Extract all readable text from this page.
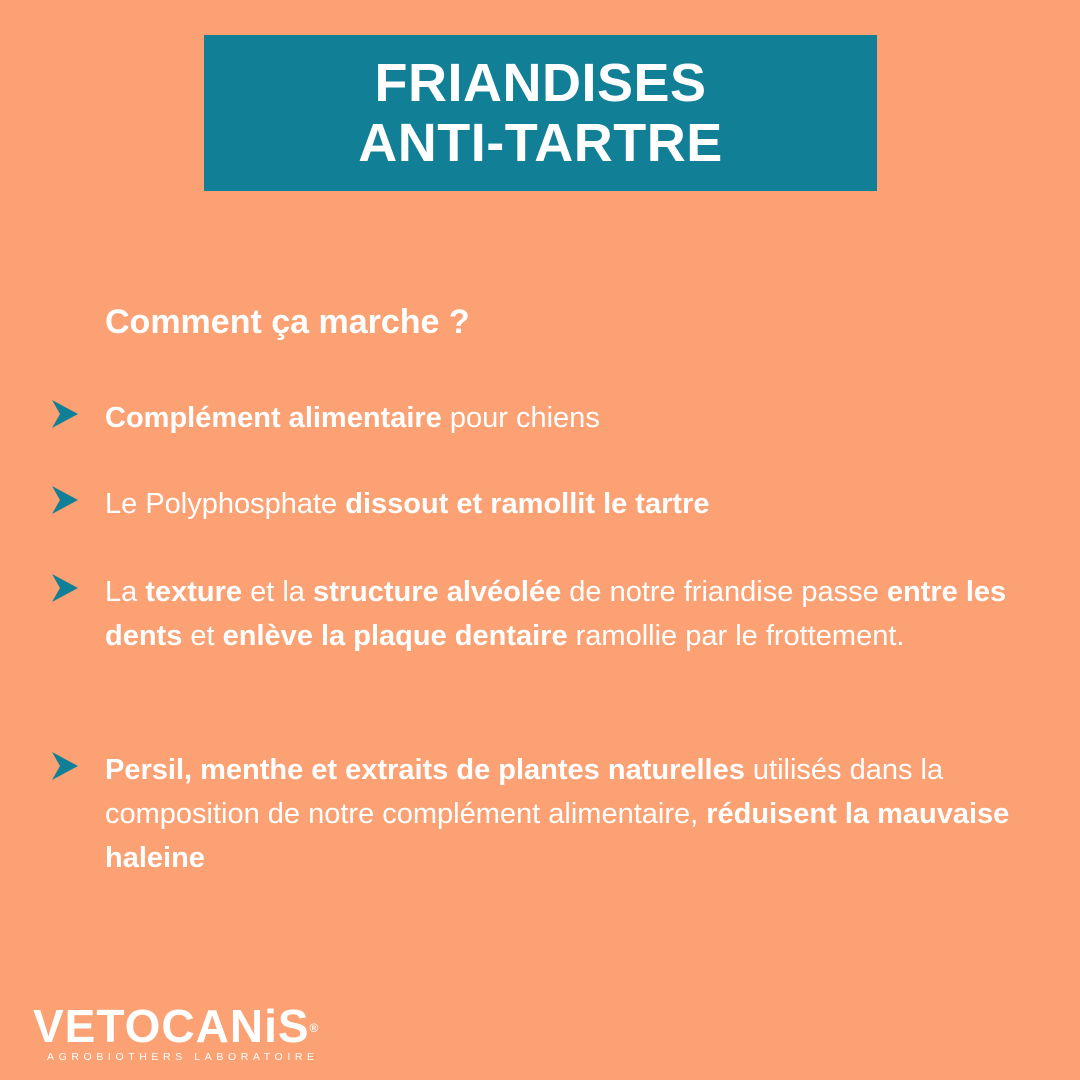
FRIANDISES
ANTI-TARTRE
Comment ça marche ?
Complément alimentaire pour chiens
Le Polyphosphate dissout et ramollit le tartre
La texture et la structure alvéolée de notre friandise passe entre les dents et enlève la plaque dentaire ramollie par le frottement.
Persil, menthe et extraits de plantes naturelles utilisés dans la composition de notre complément alimentaire, réduisent la mauvaise haleine
VETOCANiS®
AGROBIOTHERS LABORATOIRE
